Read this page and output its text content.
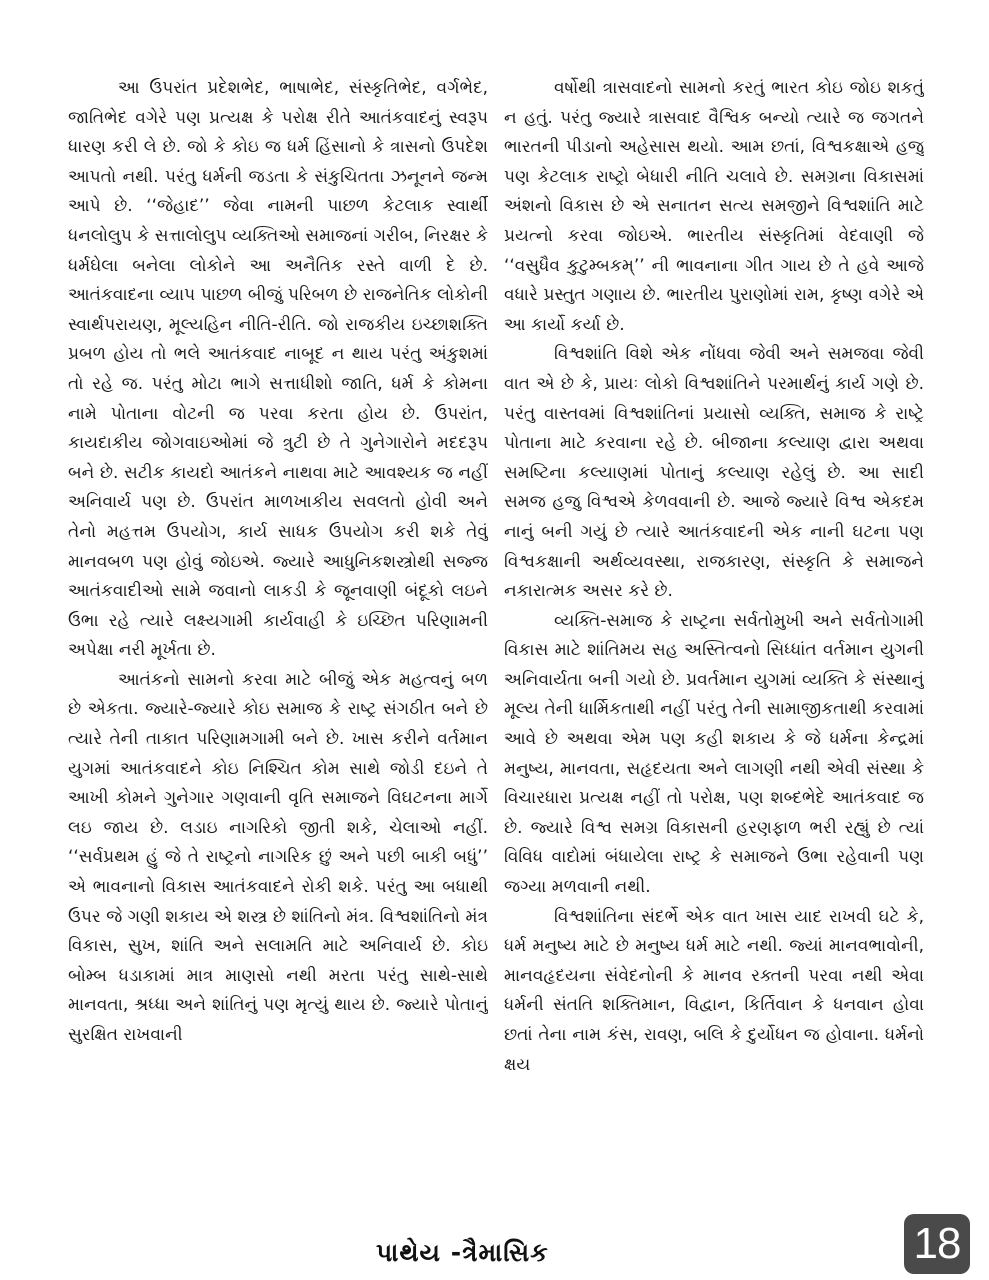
આ ઉપરાંત પ્રદેશભેદ, ભાષાભેદ, સંસ્કૃતિભેદ, વર્ગભેદ, જાતિભેદ વગેરે પણ પ્રત્યક્ષ કે પરોક્ષ રીતે આતંકવાદનું સ્વરૂપ ધારણ કરી લે છે. જો કે કોઇ જ ધર્મ હિંસાનો કે ત્રાસનો ઉપદેશ આપતો નથી. પરંતુ ધર્મની જડતા કે સંકુચિતતા ઝનૂનને જન્મ આપે છે. ‘‘જેહાદ’’ જેવા નામની પાછળ કેટલાક સ્વાર્થી ધનલોલુપ કે સત્તાલોલુપ વ્યક્તિઓ સમાજનાં ગરીબ, નિરક્ષર કે ધર્મઘેલા બનેલા લોકોને આ અનૈતિક રસ્તે વાળી દે છે. આતંકવાદના વ્યાપ પાછળ બીજું પરિબળ છે રાજનેતિક લોકોની સ્વાર્થપરાયણ, મૂલ્યહિન નીતિ-રીતિ. જો રાજકીય ઇચ્છાશક્તિ પ્રબળ હોય તો ભલે આતંકવાદ નાબૂદ ન થાય પરંતુ અંકુશમાં તો રહે જ. પરંતુ મોટા ભાગે સત્તાધીશો જાતિ, ધર્મ કે કોમના નામે પોતાના વોટની જ પરવા કરતા હોય છે. ઉપરાંત, કાયદાકીય જોગવાઇઓમાં જે ત્રુટી છે તે ગુનેગારોને મદદરૂપ બને છે. સટીક કાયદો આતંકને નાથવા માટે આવશ્યક જ નહીં અનિવાર્ય પણ છે. ઉપરાંત માળખાકીય સવલતો હોવી અને તેનો મહત્તમ ઉપયોગ, કાર્ય સાધક ઉપયોગ કરી શકે તેવું માનવબળ પણ હોવું જોઇએ. જ્યારે આધુનિકશસ્ત્રોથી સજ્જ આતંકવાદીઓ સામે જવાનો લાકડી કે જૂનવાણી બંદૂકો લઇને ઉભા રહે ત્યારે લક્ષ્યગામી કાર્યવાહી કે ઇચ્છિત પરિણામની અપેક્ષા નરી મૂર્ખતા છે.

આતંકનો સામનો કરવા માટે બીજું એક મહત્વનું બળ છે એકતા. જ્યારે-જ્યારે કોઇ સમાજ કે રાષ્ટ્ર સંગઠીત બને છે ત્યારે તેની તાકાત પરિણામગામી બને છે. ખાસ કરીને વર્તમાન યુગમાં આતંકવાદને કોઇ નિશ્ચિત કોમ સાથે જોડી દઇને તે આખી કોમને ગુનેગાર ગણવાની વૃતિ સમાજને વિઘટનના માર્ગે લઇ જાય છે. લડાઇ નાગરિકો જીતી શકે, ચેલાઓ નહીં. ‘‘સર્વપ્રથમ હું જે તે રાષ્ટ્રનો નાગરિક છું અને પછી બાકી બધું’’ એ ભાવનાનો વિકાસ આતંકવાદને રોકી શકે. પરંતુ આ બધાથી ઉપર જે ગણી શકાય એ શસ્ત્ર છે શાંતિનો મંત્ર. વિશ્વશાંતિનો મંત્ર વિકાસ, સુખ, શાંતિ અને સલામતિ માટે અનિવાર્ય છે. કોઇ બોમ્બ ધડાકામાં માત્ર માણસો નથી મરતા પરંતુ સાથે-સાથે માનવતા, શ્રધ્ધા અને શાંતિનું પણ મૃત્યું થાય છે. જ્યારે પોતાનું સુરક્ષિત રાખવાની

વર્ષોથી ત્રાસવાદનો સામનો કરતું ભારત કોઇ જોઇ શકતું ન હતું. પરંતુ જ્યારે ત્રાસવાદ વૈશ્વિક બન્યો ત્યારે જ જગતને ભારતની પીડાનો અહેસાસ થયો. આમ છતાં, વિશ્વકક્ષાએ હજુ પણ કેટલાક રાષ્ટ્રો બેધારી નીતિ ચલાવે છે. સમગ્રના વિકાસમાં અંશનો વિકાસ છે એ સનાતન સત્ય સમજીને વિશ્વશાંતિ માટે પ્રયત્નો કરવા જોઇએ. ભારતીય સંસ્કૃતિમાં વેદવાણી જે ‘‘વસુધૈવ કુટુમ્બકમ્’’ ની ભાવનાના ગીત ગાય છે તે હવે આજે વધારે પ્રસ્તુત ગણાય છે. ભારતીય પુરાણોમાં રામ, કૃષ્ણ વગેરે એ આ કાર્યો કર્યા છે.

વિશ્વશાંતિ વિશે એક નોંધવા જેવી અને સમજવા જેવી વાત એ છે કે, પ્રાયઃ લોકો વિશ્વશાંતિને પરમાર્થનું કાર્ય ગણે છે. પરંતુ વાસ્તવમાં વિશ્વશાંતિનાં પ્રયાસો વ્યક્તિ, સમાજ કે રાષ્ટ્રે પોતાના માટે કરવાના રહે છે. બીજાના કલ્યાણ દ્વારા અથવા સમષ્ટિના કલ્યાણમાં પોતાનું કલ્યાણ રહેલું છે. આ સાદી સમજ હજુ વિશ્વએ કેળવવાની છે. આજે જ્યારે વિશ્વ એકદમ નાનું બની ગયું છે ત્યારે આતંકવાદની એક નાની ઘટના પણ વિશ્વકક્ષાની અર્થવ્યવસ્થા, રાજકારણ, સંસ્કૃતિ કે સમાજને નકારાત્મક અસર કરે છે.

વ્યક્તિ-સમાજ કે રાષ્ટ્રના સર્વતોમુખી અને સર્વતોગામી વિકાસ માટે શાંતિમય સહ અસ્તિત્વનો સિધ્ધાંત વર્તમાન યુગની અનિવાર્યતા બની ગયો છે. પ્રવર્તમાન યુગમાં વ્યક્તિ કે સંસ્થાનું મૂલ્ય તેની ધાર્મિકતાથી નહીં પરંતુ તેની સામાજીકતાથી કરવામાં આવે છે અથવા એમ પણ કહી શકાય કે જે ધર્મના કેન્દ્રમાં મનુષ્ય, માનવતા, સહૃદયતા અને લાગણી નથી એવી સંસ્થા કે વિચારધારા પ્રત્યક્ષ નહીં તો પરોક્ષ, પણ શબ્દભેદે આતંકવાદ જ છે. જ્યારે વિશ્વ સમગ્ર વિકાસની હરણફાળ ભરી રહ્યું છે ત્યાં વિવિધ વાદોમાં બંધાયેલા રાષ્ટ્ર કે સમાજને ઉભા રહેવાની પણ જગ્યા મળવાની નથી.

વિશ્વશાંતિના સંદર્ભે એક વાત ખાસ યાદ રાખવી ઘટે કે, ધર્મ મનુષ્ય માટે છે મનુષ્ય ધર્મ માટે નથી. જ્યાં માનવભાવોની, માનવહૃદયના સંવેદનોની કે માનવ રક્તની પરવા નથી એવા ધર્મની સંતતિ શક્તિમાન, વિદ્વાન, કિર્તિવાન કે ધનવાન હોવા છતાં તેના નામ કંસ, રાવણ, બલિ કે દુર્યોધન જ હોવાના. ધર્મનો ક્ષય

પાથેય -ત્રૈમાસિક	18
